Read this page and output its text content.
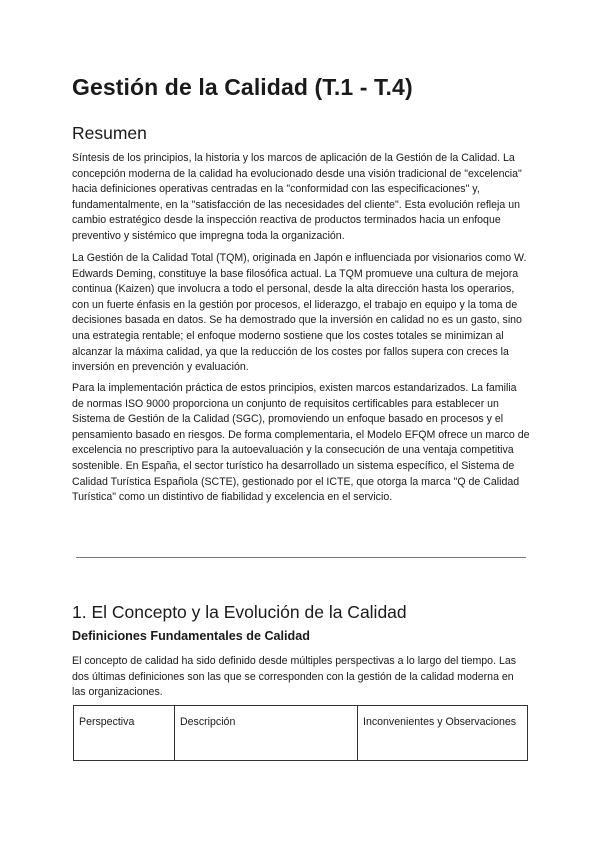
Gestión de la Calidad (T.1 - T.4)
Resumen

Síntesis de los principios, la historia y los marcos de aplicación de la Gestión de la Calidad. La concepción moderna de la calidad ha evolucionado desde una visión tradicional de "excelencia" hacia definiciones operativas centradas en la "conformidad con las especificaciones" y, fundamentalmente, en la "satisfacción de las necesidades del cliente". Esta evolución refleja un cambio estratégico desde la inspección reactiva de productos terminados hacia un enfoque preventivo y sistémico que impregna toda la organización.

La Gestión de la Calidad Total (TQM), originada en Japón e influenciada por visionarios como W. Edwards Deming, constituye la base filosófica actual. La TQM promueve una cultura de mejora continua (Kaizen) que involucra a todo el personal, desde la alta dirección hasta los operarios, con un fuerte énfasis en la gestión por procesos, el liderazgo, el trabajo en equipo y la toma de decisiones basada en datos. Se ha demostrado que la inversión en calidad no es un gasto, sino una estrategia rentable; el enfoque moderno sostiene que los costes totales se minimizan al alcanzar la máxima calidad, ya que la reducción de los costes por fallos supera con creces la inversión en prevención y evaluación.

Para la implementación práctica de estos principios, existen marcos estandarizados. La familia de normas ISO 9000 proporciona un conjunto de requisitos certificables para establecer un Sistema de Gestión de la Calidad (SGC), promoviendo un enfoque basado en procesos y el pensamiento basado en riesgos. De forma complementaria, el Modelo EFQM ofrece un marco de excelencia no prescriptivo para la autoevaluación y la consecución de una ventaja competitiva sostenible. En España, el sector turístico ha desarrollado un sistema específico, el Sistema de Calidad Turística Española (SCTE), gestionado por el ICTE, que otorga la marca "Q de Calidad Turística" como un distintivo de fiabilidad y excelencia en el servicio.

1. El Concepto y la Evolución de la Calidad
Definiciones Fundamentales de Calidad

El concepto de calidad ha sido definido desde múltiples perspectivas a lo largo del tiempo. Las dos últimas definiciones son las que se corresponden con la gestión de la calidad moderna en las organizaciones.

Perspectiva	Descripción	Inconvenientes y Observaciones
